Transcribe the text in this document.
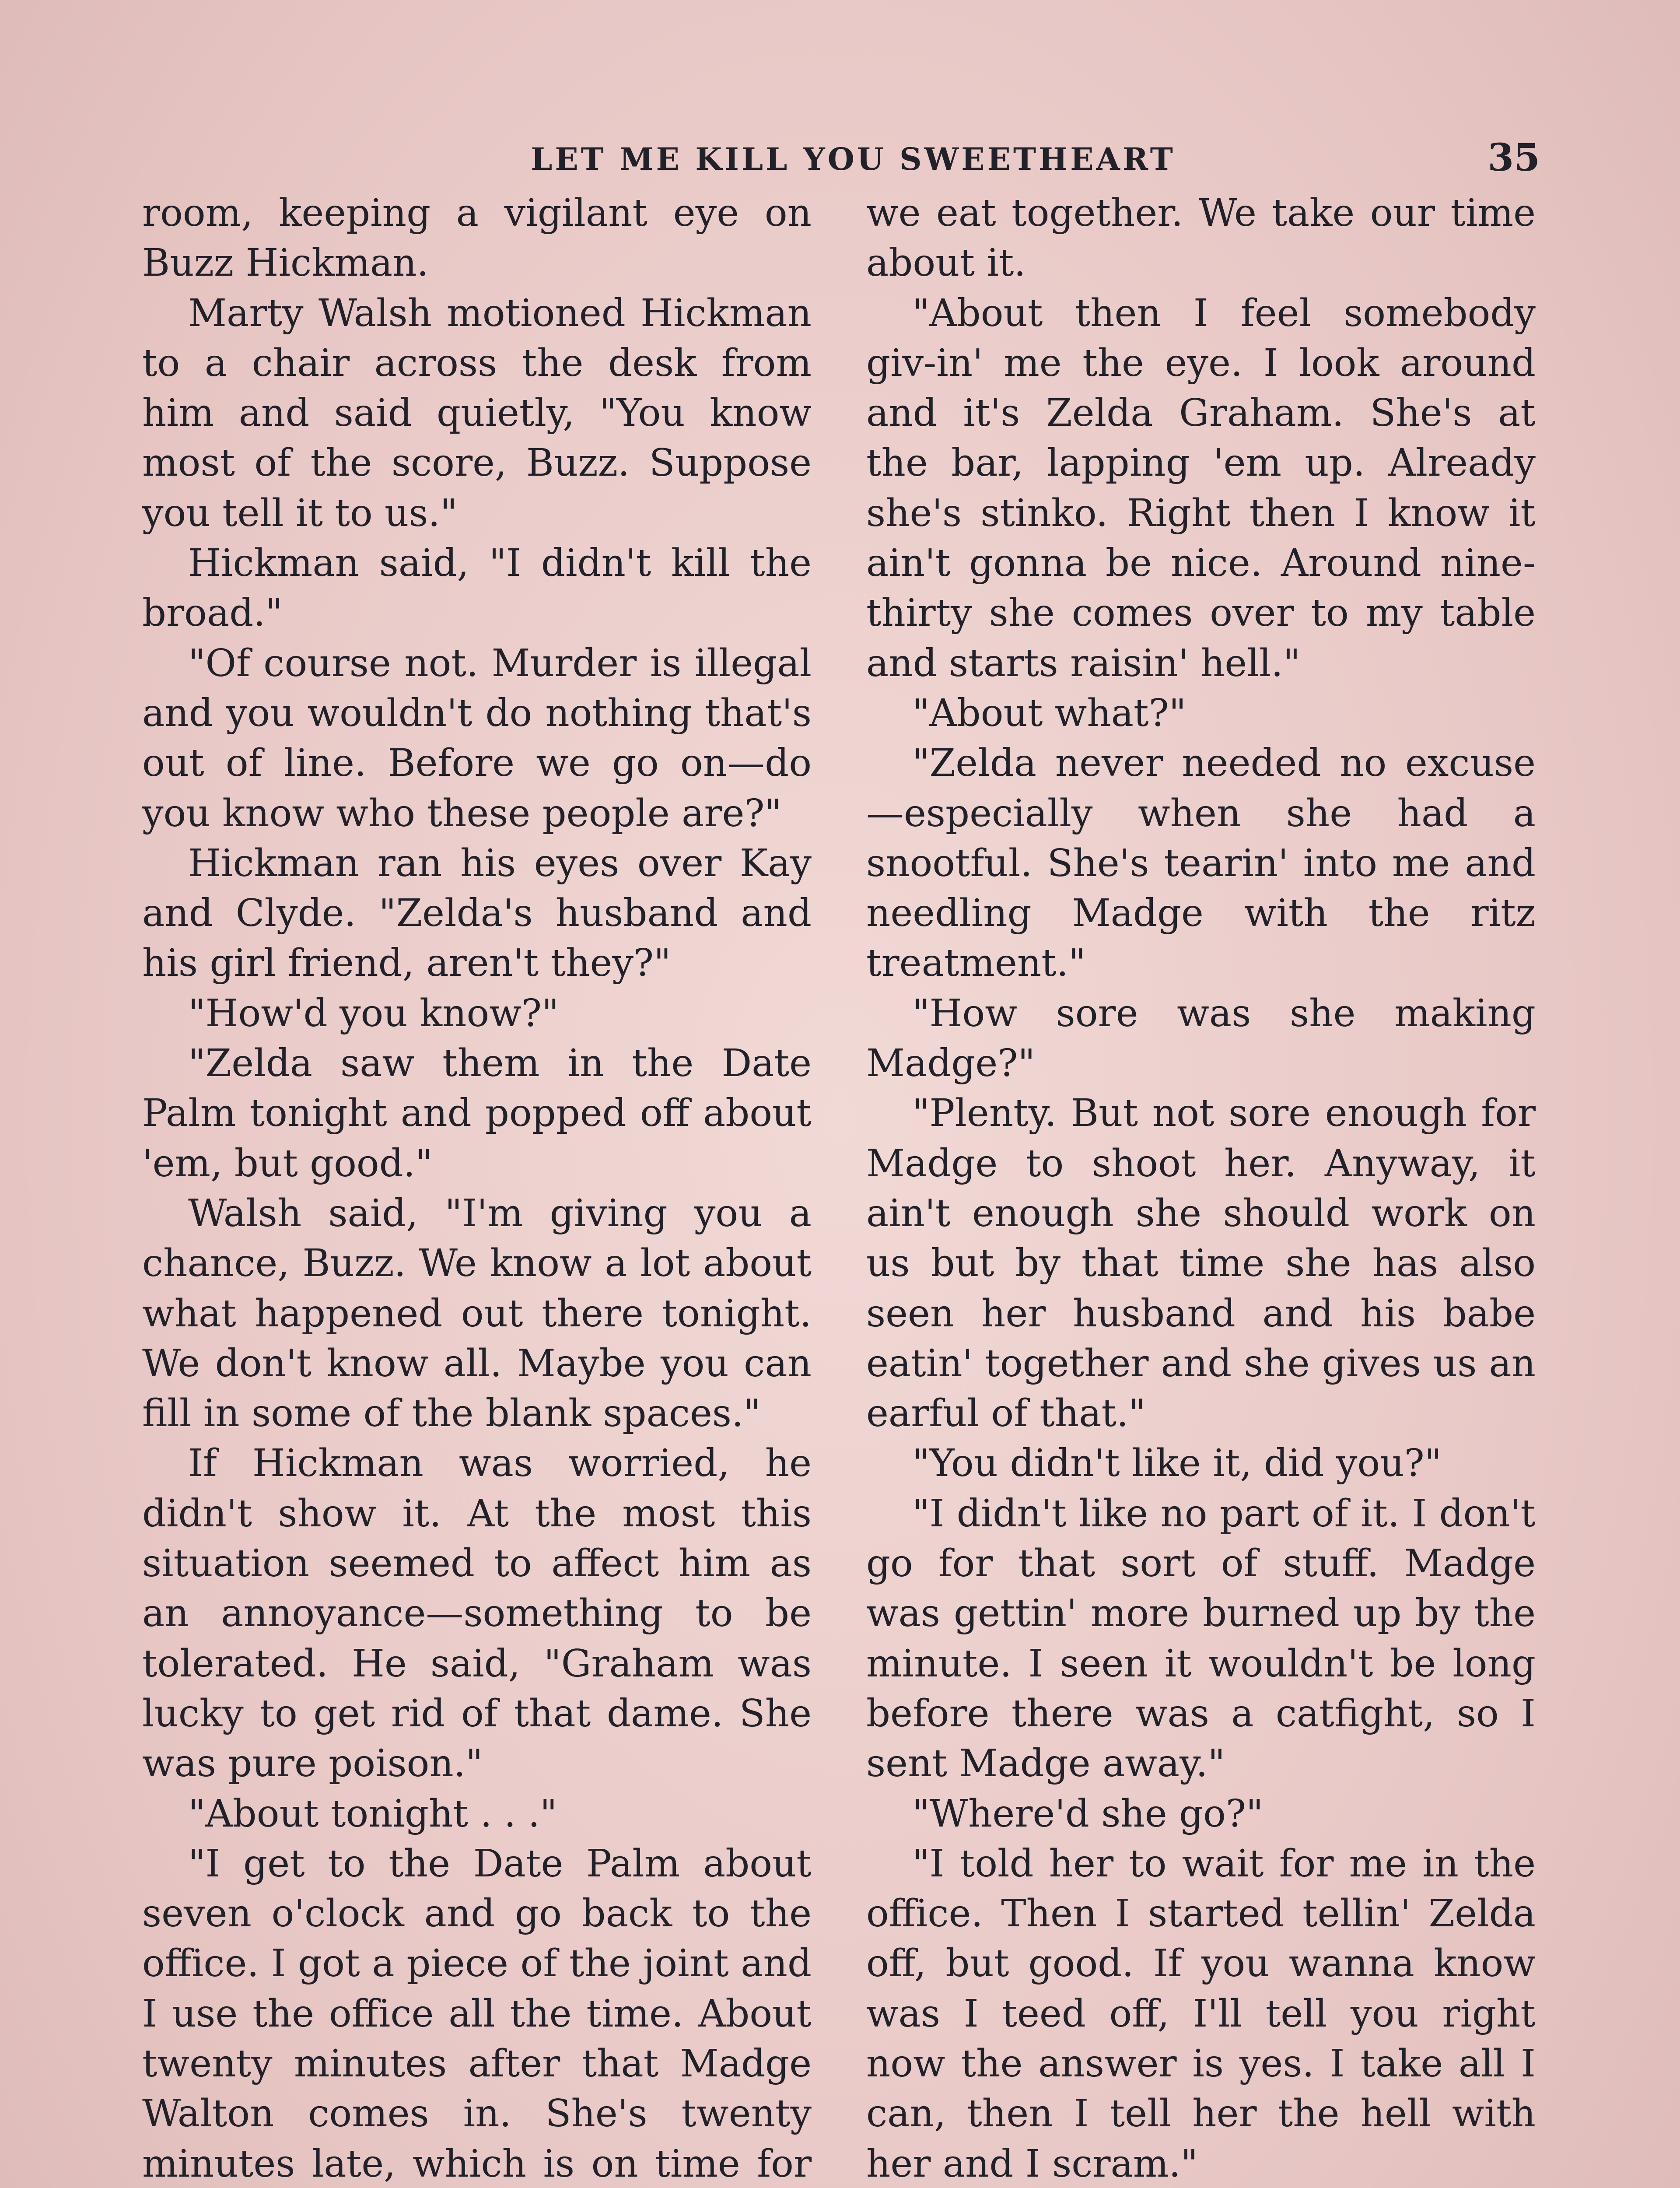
LET ME KILL YOU SWEETHEART	35

room, keeping a vigilant eye on Buzz Hickman.

Marty Walsh motioned Hickman to a chair across the desk from him and said quietly, "You know most of the score, Buzz. Suppose you tell it to us."

Hickman said, "I didn't kill the broad."

"Of course not. Murder is illegal and you wouldn't do nothing that's out of line. Before we go on—do you know who these people are?"

Hickman ran his eyes over Kay and Clyde. "Zelda's husband and his girl friend, aren't they?"

"How'd you know?"

"Zelda saw them in the Date Palm tonight and popped off about 'em, but good."

Walsh said, "I'm giving you a chance, Buzz. We know a lot about what happened out there tonight. We don't know all. Maybe you can fill in some of the blank spaces."

If Hickman was worried, he didn't show it. At the most this situation seemed to affect him as an annoyance—something to be tolerated. He said, "Graham was lucky to get rid of that dame. She was pure poison."

"About tonight . . ."

"I get to the Date Palm about seven o'clock and go back to the office. I got a piece of the joint and I use the office all the time. About twenty minutes after that Madge Walton comes in. She's twenty minutes late, which is on time for

we eat together. We take our time about it.

"About then I feel somebody giv-in' me the eye. I look around and it's Zelda Graham. She's at the bar, lapping 'em up. Already she's stinko. Right then I know it ain't gonna be nice. Around nine-thirty she comes over to my table and starts raisin' hell."

"About what?"

"Zelda never needed no excuse—especially when she had a snootful. She's tearin' into me and needling Madge with the ritz treatment."

"How sore was she making Madge?"

"Plenty. But not sore enough for Madge to shoot her. Anyway, it ain't enough she should work on us but by that time she has also seen her husband and his babe eatin' together and she gives us an earful of that."

"You didn't like it, did you?"

"I didn't like no part of it. I don't go for that sort of stuff. Madge was gettin' more burned up by the minute. I seen it wouldn't be long before there was a catfight, so I sent Madge away."

"Where'd she go?"

"I told her to wait for me in the office. Then I started tellin' Zelda off, but good. If you wanna know was I teed off, I'll tell you right now the answer is yes. I take all I can, then I tell her the hell with her and I scram."
